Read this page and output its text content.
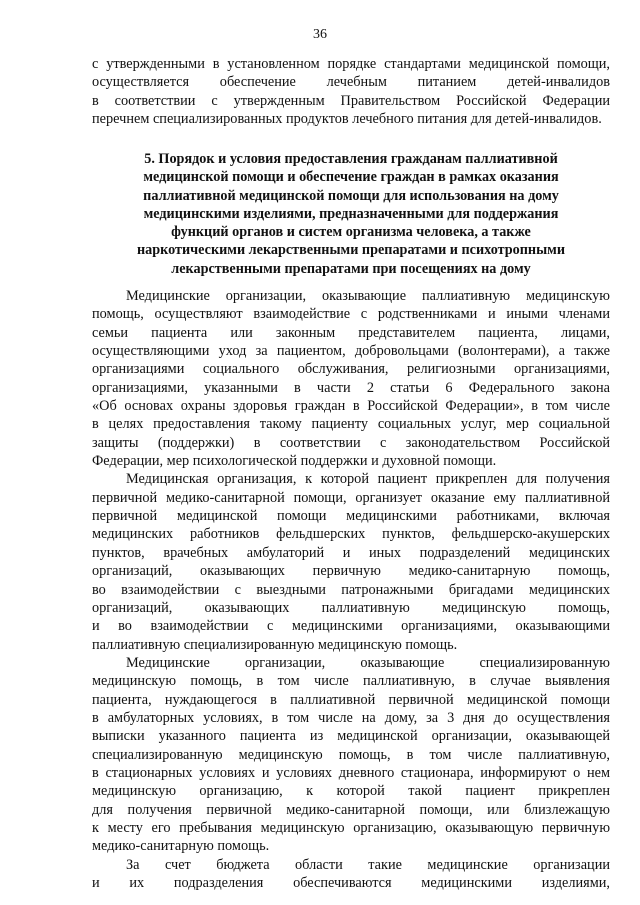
36

с утвержденными в установленном порядке стандартами медицинской помощи,

осуществляется обеспечение лечебным питанием детей-инвалидов

в соответствии с утвержденным Правительством Российской Федерации

перечнем специализированных продуктов лечебного питания для детей-инвалидов.

5. Порядок и условия предоставления гражданам паллиативной
медицинской помощи и обеспечение граждан в рамках оказания
паллиативной медицинской помощи для использования на дому
медицинскими изделиями, предназначенными для поддержания
функций органов и систем организма человека, а также
наркотическими лекарственными препаратами и психотропными
лекарственными препаратами при посещениях на дому

Медицинские организации, оказывающие паллиативную медицинскую

помощь, осуществляют взаимодействие с родственниками и иными членами

семьи пациента или законным представителем пациента, лицами,

осуществляющими уход за пациентом, добровольцами (волонтерами), а также

организациями социального обслуживания, религиозными организациями,

организациями, указанными в части 2 статьи 6 Федерального закона

«Об основах охраны здоровья граждан в Российской Федерации», в том числе

в целях предоставления такому пациенту социальных услуг, мер социальной

защиты (поддержки) в соответствии с законодательством Российской

Федерации, мер психологической поддержки и духовной помощи.

Медицинская организация, к которой пациент прикреплен для получения

первичной медико-санитарной помощи, организует оказание ему паллиативной

первичной медицинской помощи медицинскими работниками, включая

медицинских работников фельдшерских пунктов, фельдшерско-акушерских

пунктов, врачебных амбулаторий и иных подразделений медицинских

организаций, оказывающих первичную медико-санитарную помощь,

во взаимодействии с выездными патронажными бригадами медицинских

организаций, оказывающих паллиативную медицинскую помощь,

и во взаимодействии с медицинскими организациями, оказывающими

паллиативную специализированную медицинскую помощь.

Медицинские организации, оказывающие специализированную

медицинскую помощь, в том числе паллиативную, в случае выявления

пациента, нуждающегося в паллиативной первичной медицинской помощи

в амбулаторных условиях, в том числе на дому, за 3 дня до осуществления

выписки указанного пациента из медицинской организации, оказывающей

специализированную медицинскую помощь, в том числе паллиативную,

в стационарных условиях и условиях дневного стационара, информируют о нем

медицинскую организацию, к которой такой пациент прикреплен

для получения первичной медико-санитарной помощи, или близлежащую

к месту его пребывания медицинскую организацию, оказывающую первичную

медико-санитарную помощь.

За счет бюджета области такие медицинские организации

и их подразделения обеспечиваются медицинскими изделиями,
